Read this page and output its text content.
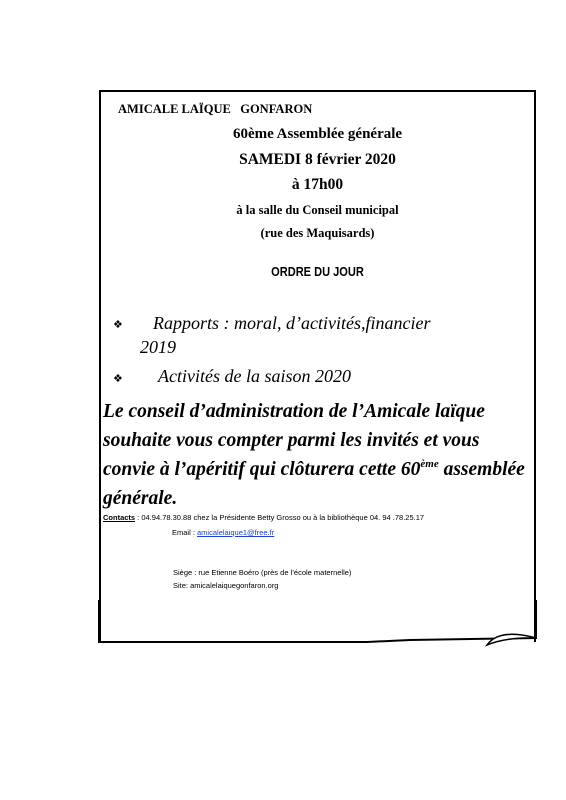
AMICALE LAÏQUE   GONFARON

60ème Assemblée générale

SAMEDI 8 février 2020

à 17h00

à la salle du Conseil municipal

(rue des Maquisards)

ORDRE DU JOUR

❖ Rapports : moral, d’activités,financier

2019

❖ Activités de la saison 2020

Le conseil d’administration de l’Amicale laïque souhaite vous compter parmi les invités et vous convie à l’apéritif qui clôturera cette 60ème assemblée générale.

Contacts : 04.94.78.30.88 chez la Présidente Betty Grosso ou à la bibliothèque 04. 94 .78.25.17

Email : amicalelaique1@free.fr

Siège : rue Etienne Boéro (près de l’école maternelle)

Site: amicalelaiquegonfaron.org
